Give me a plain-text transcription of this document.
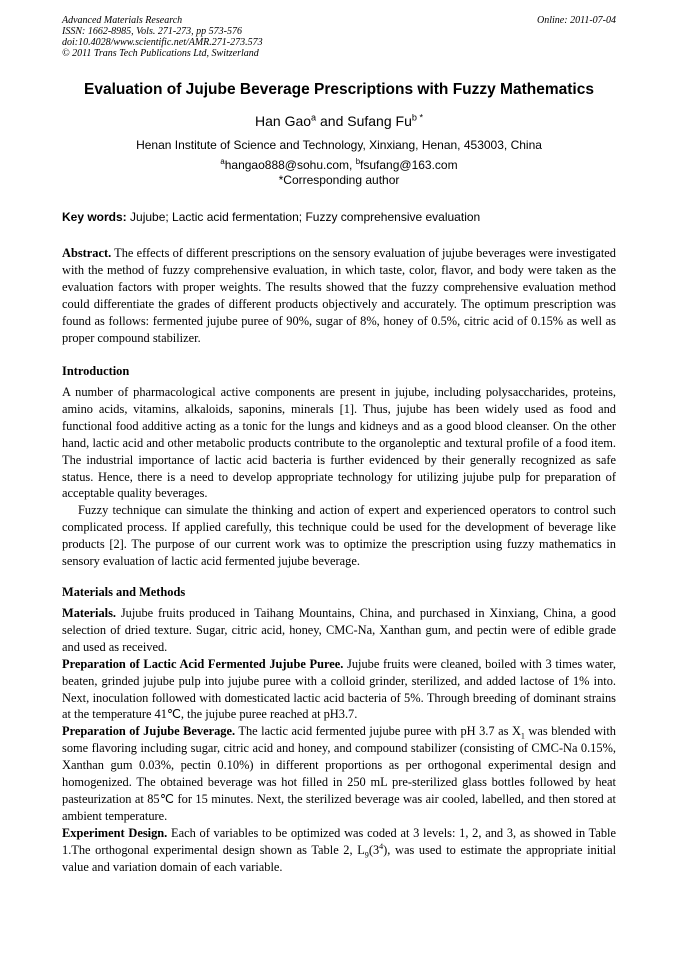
Advanced Materials Research
ISSN: 1662-8985, Vols. 271-273, pp 573-576
doi:10.4028/www.scientific.net/AMR.271-273.573
© 2011 Trans Tech Publications Ltd, Switzerland
Online: 2011-07-04
Evaluation of Jujube Beverage Prescriptions with Fuzzy Mathematics
Han Gao$^a$ and Sufang $Fu^{b *}$
Henan Institute of Science and Technology, Xinxiang, Henan, 453003, China
$^a$hangao888@sohu.com, $^b$fsufang@163.com
*Corresponding author
Key words: Jujube; Lactic acid fermentation; Fuzzy comprehensive evaluation

Abstract. The effects of different prescriptions on the sensory evaluation of jujube beverages were investigated with the method of fuzzy comprehensive evaluation, in which taste, color, flavor, and body were taken as the evaluation factors with proper weights. The results showed that the fuzzy comprehensive evaluation method could differentiate the grades of different products objectively and accurately. The optimum prescription was found as follows: fermented jujube puree of 90%, sugar of 8%, honey of 0.5%, citric acid of 0.15% as well as proper compound stabilizer.

Introduction

A number of pharmacological active components are present in jujube, including polysaccharides, proteins, amino acids, vitamins, alkaloids, saponins, minerals [1]. Thus, jujube has been widely used as food and functional food additive acting as a tonic for the lungs and kidneys and as a good blood cleanser. On the other hand, lactic acid and other metabolic products contribute to the organoleptic and textural profile of a food item. The industrial importance of lactic acid bacteria is further evidenced by their generally recognized as safe status. Hence, there is a need to develop appropriate technology for utilizing jujube pulp for preparation of acceptable quality beverages.

Fuzzy technique can simulate the thinking and action of expert and experienced operators to control such complicated process. If applied carefully, this technique could be used for the development of beverage like products [2]. The purpose of our current work was to optimize the prescription using fuzzy mathematics in sensory evaluation of lactic acid fermented jujube beverage.

Materials and Methods

Materials. Jujube fruits produced in Taihang Mountains, China, and purchased in Xinxiang, China, a good selection of dried texture. Sugar, citric acid, honey, CMC-Na, Xanthan gum, and pectin were of edible grade and used as received.

Preparation of Lactic Acid Fermented Jujube Puree. Jujube fruits were cleaned, boiled with 3 times water, beaten, grinded jujube pulp into jujube puree with a colloid grinder, sterilized, and added lactose of 1% into. Next, inoculation followed with domesticated lactic acid bacteria of 5%. Through breeding of dominant strains at the temperature 41℃, the jujube puree reached at pH3.7.

Preparation of Jujube Beverage. The lactic acid fermented jujube puree with pH 3.7 as $X_1$ was blended with some flavoring including sugar, citric acid and honey, and compound stabilizer (consisting of CMC-Na 0.15%, Xanthan gum 0.03%, pectin 0.10%) in different proportions as per orthogonal experimental design and homogenized. The obtained beverage was hot filled in 250 mL pre-sterilized glass bottles followed by heat pasteurization at 85℃ for 15 minutes. Next, the sterilized beverage was air cooled, labelled, and then stored at ambient temperature.

Experiment Design. Each of variables to be optimized was coded at 3 levels: 1, 2, and 3, as showed in Table 1.The orthogonal experimental design shown as Table 2, $L_9(3^4)$, was used to estimate the appropriate initial value and variation domain of each variable.
